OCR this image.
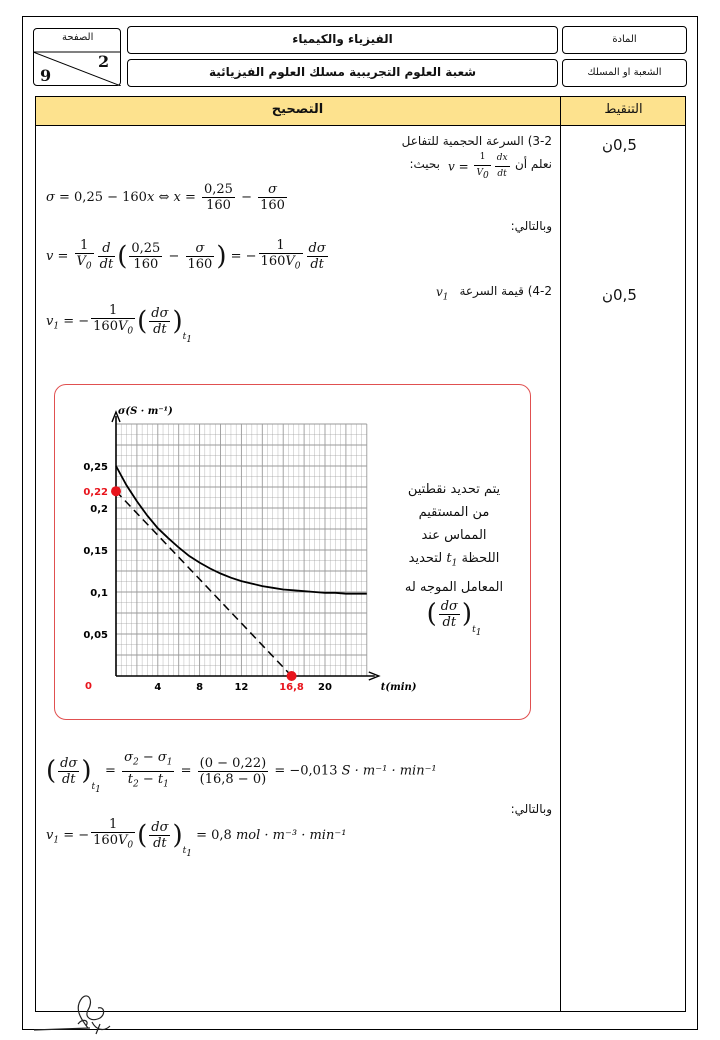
الصفحة
2
9
الفيزياء والكيمياء
شعبة العلوم التجريبية مسلك العلوم الفيزيائية
المادة
الشعبة او المسلك
التصحيح	التنقيط
0,5ن
0,5ن
3-2) السرعة الحجمية للتفاعل
نعلم أن
$v = \frac{1}{V_0} \frac{dx}{dt}$
بحيث:
σ = 0,25 − 160x ⇔ $x = \frac{0,25}{160} - \frac{\sigma}{160}$
وبالتالي:
$v = \frac{1}{V_0} \frac{d}{dt}$ ( $\frac{0,25}{160} - \frac{\sigma}{160}$ ) = − $\frac{1}{160V_0} \frac{d\sigma}{dt}$
4-2) قيمة السرعة
$v_1$
$v_1$ = − $\frac{1}{160V_0}$ ( $\frac{d\sigma}{dt} )_{t_1}$
4	8	12	16,8 20
0,05
0,1
0,15
0,2
0,22
0,25
0
σ(S · m⁻¹)
t(min)
يتم تحديد نقطتين
من المستقيم
المماس عند
اللحظة $t_1$ لتحديد
المعامل الموجه له
( $\frac{d\sigma}{dt} )_{t_1}$
( $\frac{d\sigma}{dt} )_{t_1} = \frac{\sigma_2 - \sigma_1}{t_2 - t_1} = \frac{(0 - 0,22)}{(16,8 - 0)} = -0,013$ S · m⁻¹ · min⁻¹
وبالتالي:
$v_1$ = − $\frac{1}{160V_0}$ ( $\frac{d\sigma}{dt} )_{t_1} = 0,8$ mol · m⁻³ · min⁻¹
